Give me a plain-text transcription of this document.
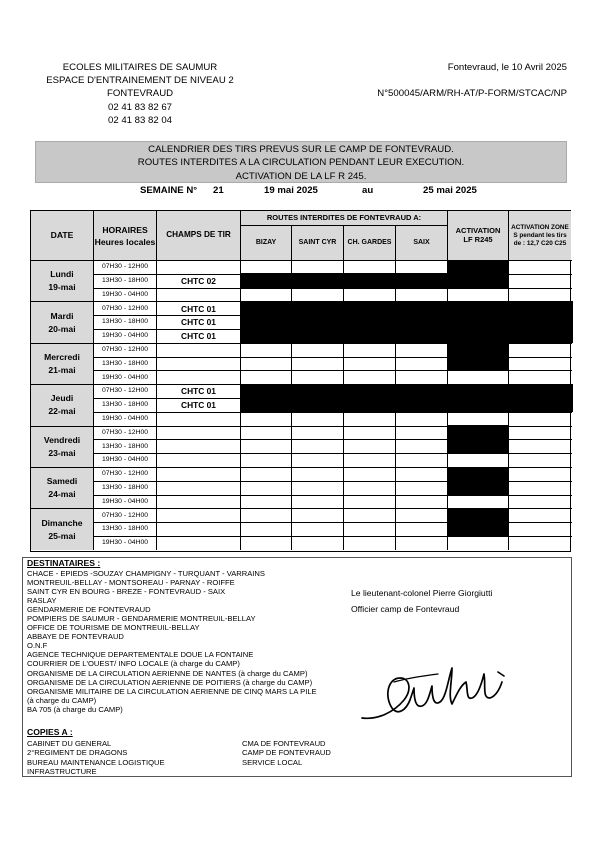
ECOLES MILITAIRES DE SAUMUR
ESPACE D'ENTRAINEMENT DE NIVEAU 2
FONTEVRAUD
02 41 83 82 67
02 41 83 82 04
Fontevraud, le 10 Avril 2025
N°500045/ARM/RH-AT/P-FORM/STCAC/NP
CALENDRIER DES TIRS PREVUS SUR LE CAMP DE FONTEVRAUD.
ROUTES INTERDITES A LA CIRCULATION PENDANT LEUR EXECUTION.
ACTIVATION DE LA LF R 245.
SEMAINE N° 21	19 mai 2025	au	25 mai 2025
DATE
HORAIRES
Heures locales
CHAMPS DE TIR
ROUTES INTERDITES DE FONTEVRAUD A:
BIZAY	SAINT CYR	CH. GARDES	SAIX
ACTIVATION LF R245
ACTIVATION ZONE S pendant les tirs de : 12,7 C20 C25
Lundi
19-mai
07H30 - 12H00
13H30 - 18H00	CHTC 02
19H30 - 04H00
Mardi
20-mai
07H30 - 12H00	CHTC 01
13H30 - 18H00	CHTC 01
19H30 - 04H00	CHTC 01
Mercredi
21-mai
07H30 - 12H00
13H30 - 18H00
19H30 - 04H00
Jeudi
22-mai
07H30 - 12H00	CHTC 01
13H30 - 18H00	CHTC 01
19H30 - 04H00
Vendredi
23-mai
07H30 - 12H00
13H30 - 18H00
19H30 - 04H00
Samedi
24-mai
07H30 - 12H00
13H30 - 18H00
19H30 - 04H00
Dimanche
25-mai
07H30 - 12H00
13H30 - 18H00
19H30 - 04H00
DESTINATAIRES :
CHACE - EPIEDS -SOUZAY CHAMPIGNY - TURQUANT - VARRAINS
MONTREUIL-BELLAY - MONTSOREAU - PARNAY - ROIFFE
SAINT CYR EN BOURG - BREZE - FONTEVRAUD - SAIX
RASLAY
GENDARMERIE DE FONTEVRAUD
POMPIERS DE SAUMUR - GENDARMERIE MONTREUIL-BELLAY
OFFICE DE TOURISME DE MONTREUIL-BELLAY
ABBAYE DE FONTEVRAUD
O.N.F
AGENCE TECHNIQUE DEPARTEMENTALE DOUE LA FONTAINE
COURRIER DE L'OUEST/ INFO LOCALE (à charge du CAMP)
ORGANISME DE LA CIRCULATION AERIENNE DE NANTES (à charge du CAMP)
ORGANISME DE LA CIRCULATION AERIENNE DE POITIERS (à charge du CAMP)
ORGANISME MILITAIRE DE LA CIRCULATION AERIENNE DE CINQ MARS LA PILE
(à charge du CAMP)
BA 705 (à charge du CAMP)
Le lieutenant-colonel Pierre Giorgiutti
Officier camp de Fontevraud
COPIES A :
CABINET DU GENERAL
2°REGIMENT DE DRAGONS
BUREAU MAINTENANCE LOGISTIQUE
INFRASTRUCTURE
CMA DE FONTEVRAUD
CAMP DE FONTEVRAUD
SERVICE LOCAL
